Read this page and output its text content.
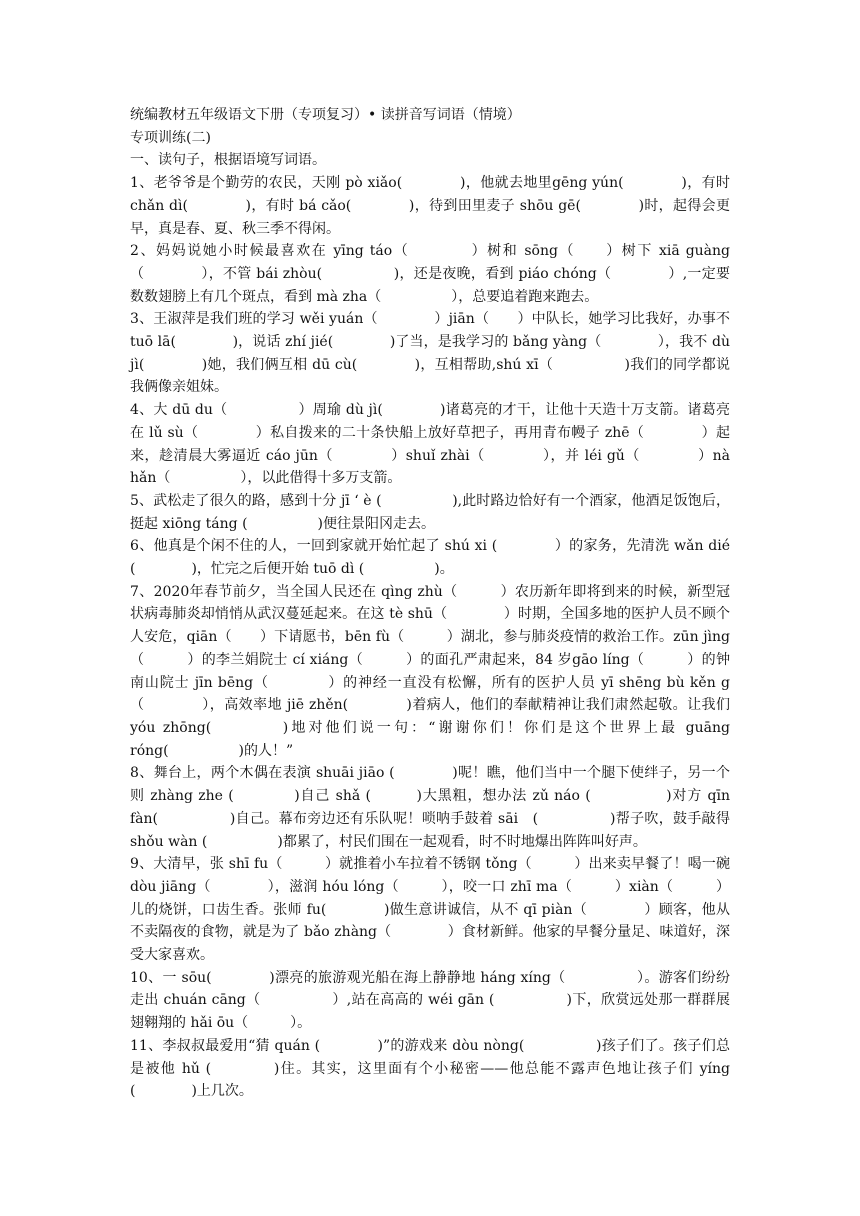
统编教材五年级语文下册（专项复习）• 读拼音写词语（情境）

专项训练(二)

一、读句子，根据语境写词语。

1、老爷爷是个勤劳的农民，天刚 pò xiǎo(　　　　)，他就去地里gēng yún(　　　　)，有时chǎn dì(　　　　)，有时 bá cǎo(　　　　)，待到田里麦子 shōu gē(　　　　)时，起得会更早，真是春、夏、秋三季不得闲。

2、妈妈说她小时候最喜欢在 yīng táo（　　　　）树和 sōng（　　）树下 xiā guàng（　　　　），不管 bái zhòu(　　　　　)，还是夜晚，看到 piáo chóng（　　　　）,一定要数数翅膀上有几个斑点，看到 mà zha（　　　　　），总要追着跑来跑去。

3、王淑萍是我们班的学习 wěi yuán（　　　　）jiān（　　）中队长，她学习比我好，办事不 tuō lā(　　　　)，说话 zhí jié(　　　　)了当，是我学习的 bǎng yàng（　　　　），我不 dù jì(　　　　)她，我们俩互相 dū cù(　　　　)，互相帮助,shú xī（　　　　　)我们的同学都说我俩像亲姐妹。

4、大 dū du（　　　　　）周瑜 dù jì(　　　　)诸葛亮的才干，让他十天造十万支箭。诸葛亮在 lǔ sù（　　　　）私自拨来的二十条快船上放好草把子，再用青布幔子 zhē（　　　　）起来，趁清晨大雾逼近 cáo jūn（　　　　）shuǐ zhài（　　　　），并 léi gǔ（　　　　）nà hǎn（　　　　　），以此借得十多万支箭。

5、武松走了很久的路，感到十分 jī ‘ è (　　　　　),此时路边恰好有一个酒家，他酒足饭饱后，挺起 xiōng táng (　　　　　)便往景阳冈走去。

6、他真是个闲不住的人，一回到家就开始忙起了 shú xi (　　　　）的家务，先清洗 wǎn dié (　　　　)，忙完之后便开始 tuō dì (　　　　　)。

7、2020年春节前夕，当全国人民还在 qìng zhù（　　　）农历新年即将到来的时候，新型冠状病毒肺炎却悄悄从武汉蔓延起来。在这 tè shū（　　　　）时期，全国多地的医护人员不顾个人安危，qiān（　　）下请愿书，bēn fù（　　　）湖北，参与肺炎疫情的救治工作。zūn jìng（　　　）的李兰娟院士 cí xiáng（　　　）的面孔严肃起来，84 岁gāo líng（　　　）的钟南山院士 jīn bēng（　　　　）的神经一直没有松懈，所有的医护人员 yī shēng bù kěn g（　　　　），高效率地 jiē zhěn(　　　　)着病人，他们的奉献精神让我们肃然起敬。让我们 yóu zhōng(　　　　)地对他们说一句：“谢谢你们！你们是这个世界上最 guāng róng(　　　　　)的人！”

8、舞台上，两个木偶在表演 shuāi jiāo (　　　　)呢！瞧，他们当中一个腿下使绊子，另一个则 zhàng zhe (　　　　)自己 shǎ (　　　)大黑粗，想办法 zǔ náo (　　　　　)对方 qīn fàn(　　　　　)自己。幕布旁边还有乐队呢！唢呐手鼓着 sāi　(　　　　　)帮子吹，鼓手敲得 shǒu wàn (　　　　　)都累了，村民们围在一起观看，时不时地爆出阵阵叫好声。

9、大清早，张 shī fu（　　　）就推着小车拉着不锈钢 tǒng（　　　）出来卖早餐了！喝一碗 dòu jiāng（　　　　），滋润 hóu lóng（　　　），咬一口 zhī ma（　　　）xiàn（　　　）儿的烧饼，口齿生香。张师 fu(　　　　)做生意讲诚信，从不 qī piàn（　　　　）顾客，他从不卖隔夜的食物，就是为了 bǎo zhàng（　　　　）食材新鲜。他家的早餐分量足、味道好，深受大家喜欢。

10、一 sōu(　　　　)漂亮的旅游观光船在海上静静地 háng xíng（　　　　　）。游客们纷纷走出 chuán cāng（　　　　　）,站在高高的 wéi gān (　　　　　)下，欣赏远处那一群群展翅翱翔的 hǎi ōu（　　　）。

11、李叔叔最爱用“猜 quán (　　　　)”的游戏来 dòu nòng(　　　　　)孩子们了。孩子们总是被他 hǔ (　　　　)住。其实，这里面有个小秘密——他总能不露声色地让孩子们 yíng (　　　　)上几次。
